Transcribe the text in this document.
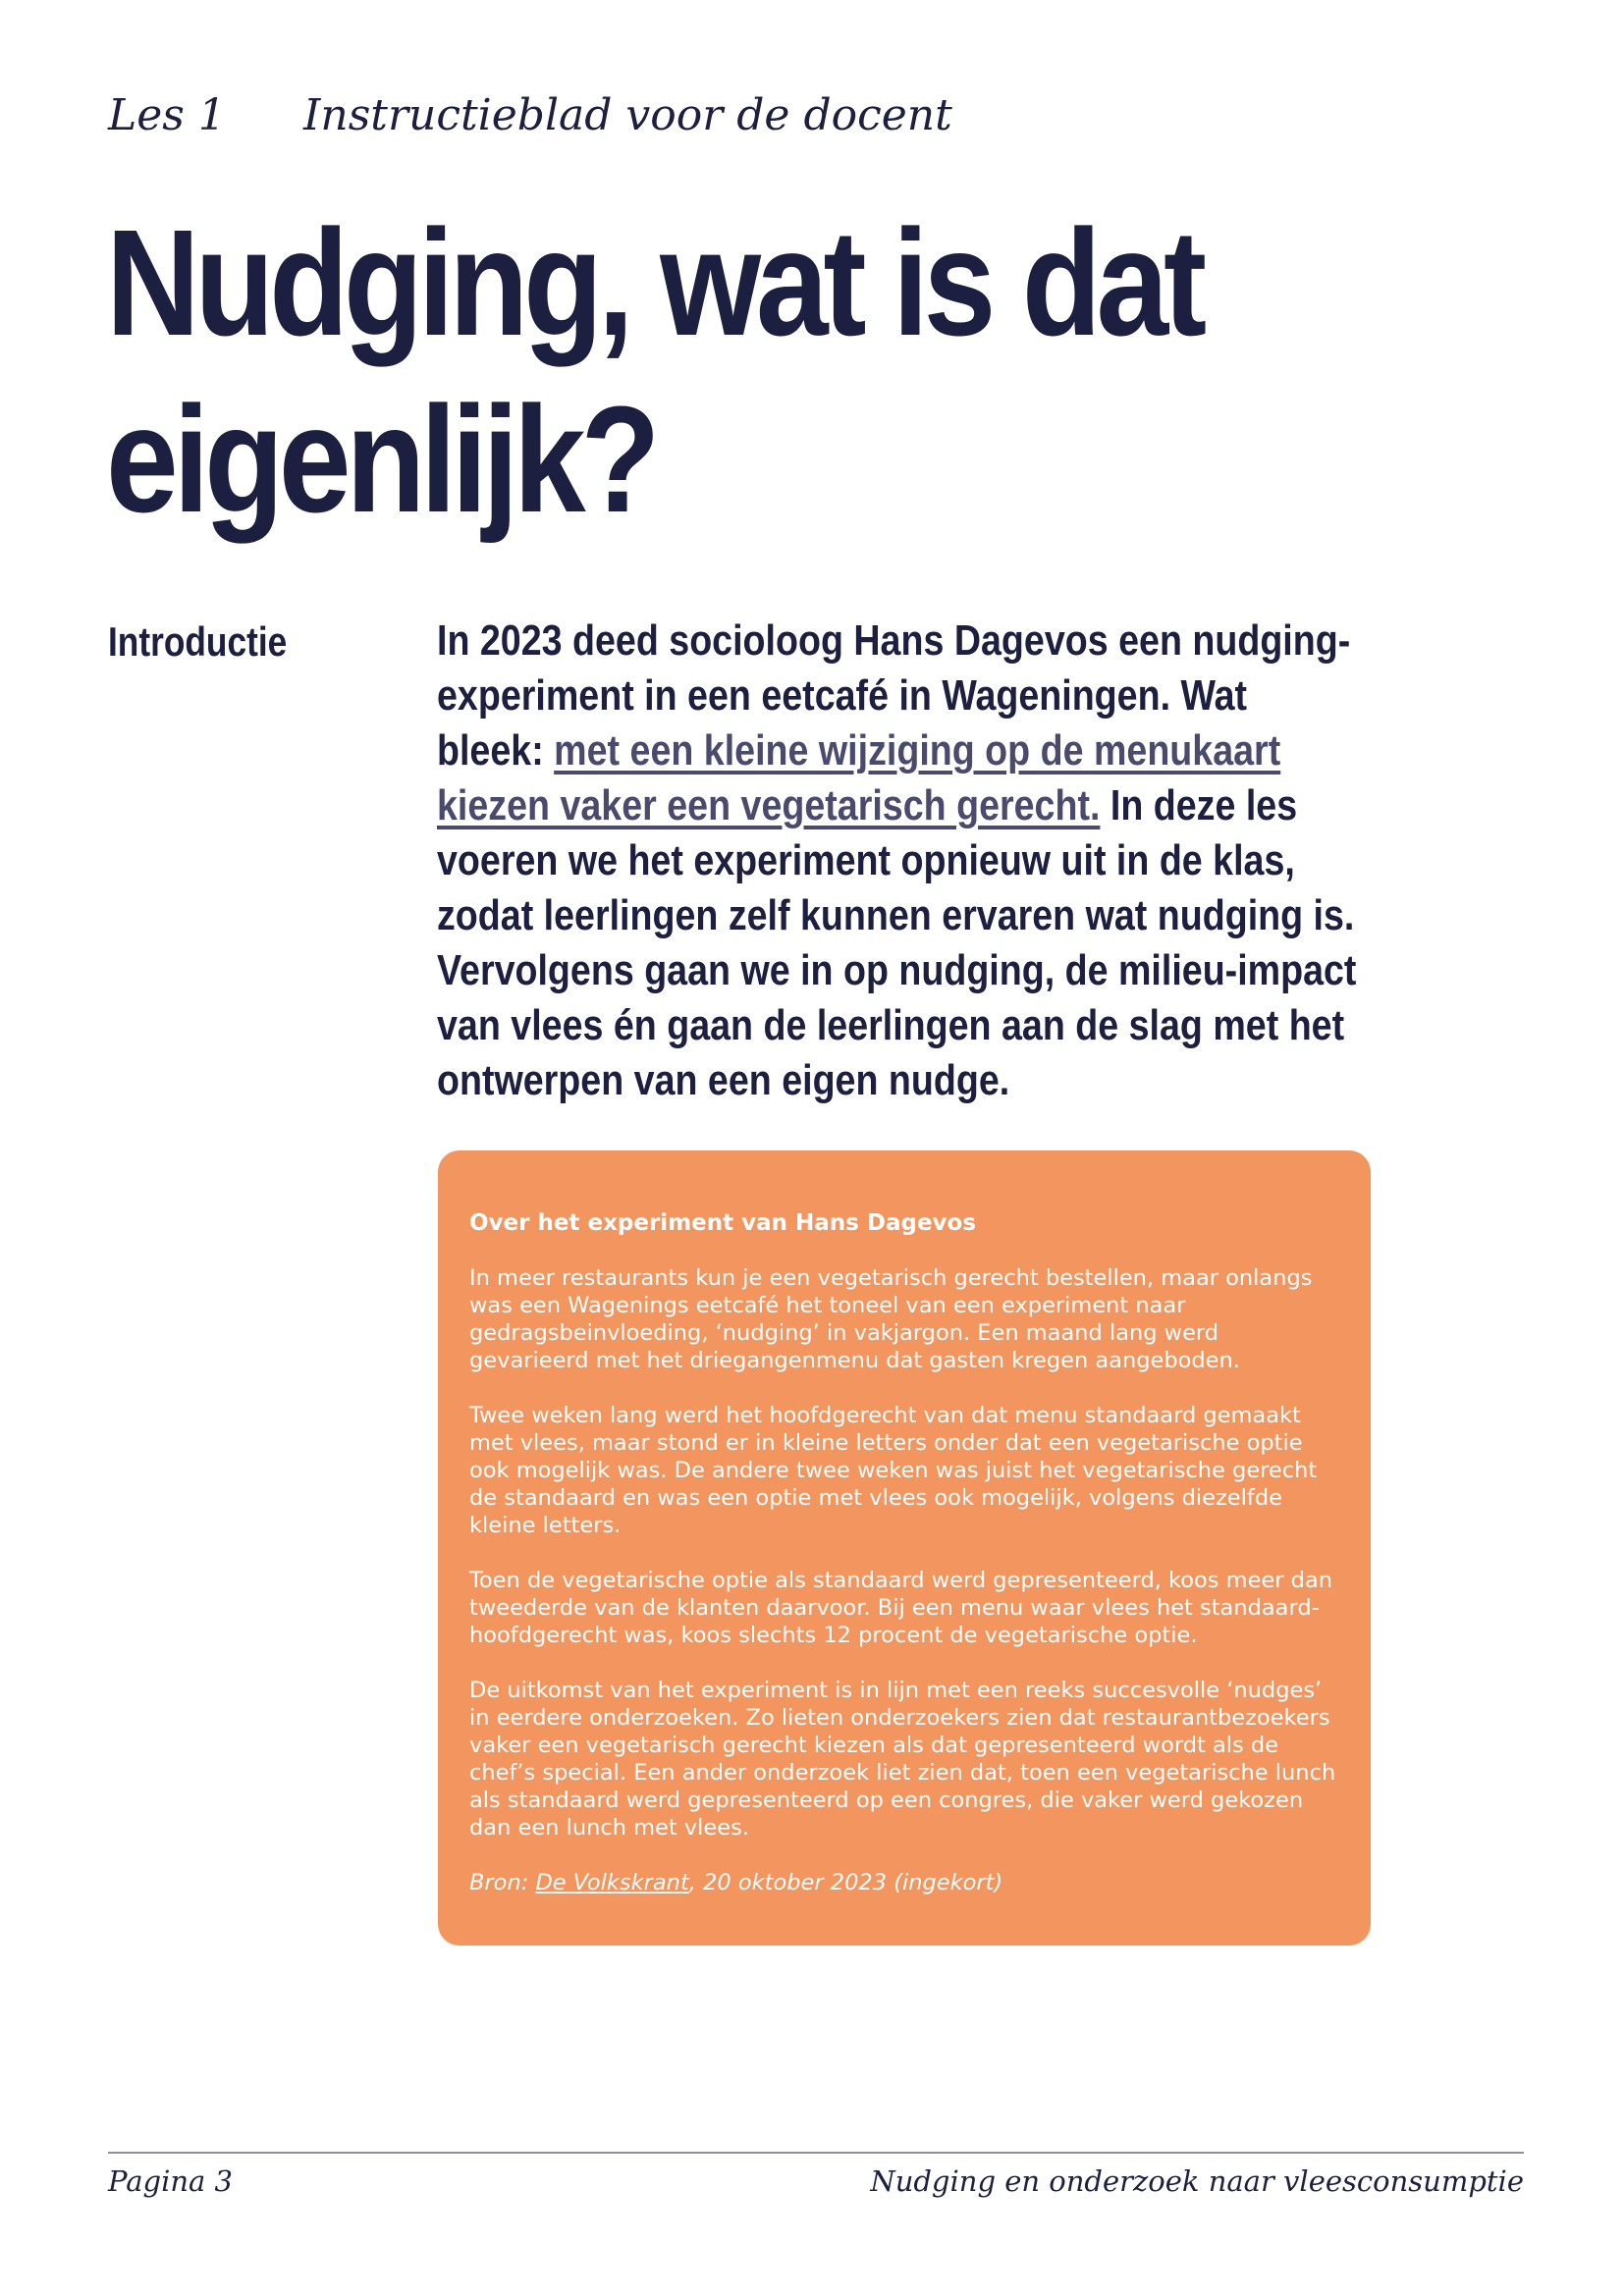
Les 1 Instructieblad voor de docent
Nudging, wat is dat eigenlijk?
Introductie	In 2023 deed socioloog Hans Dagevos een nudging-experiment in een eetcafé in Wageningen. Wat bleek: met een kleine wijziging op de menukaart kiezen vaker een vegetarisch gerecht. In deze les voeren we het experiment opnieuw uit in de klas, zodat leerlingen zelf kunnen ervaren wat nudging is. Vervolgens gaan we in op nudging, de milieu-impact van vlees én gaan de leerlingen aan de slag met het ontwerpen van een eigen nudge.

Over het experiment van Hans Dagevos

In meer restaurants kun je een vegetarisch gerecht bestellen, maar onlangs was een Wagenings eetcafé het toneel van een experiment naar gedragsbeinvloeding, ‘nudging’ in vakjargon. Een maand lang werd gevarieerd met het driegangenmenu dat gasten kregen aangeboden.

Twee weken lang werd het hoofdgerecht van dat menu standaard gemaakt met vlees, maar stond er in kleine letters onder dat een vegetarische optie ook mogelijk was. De andere twee weken was juist het vegetarische gerecht de standaard en was een optie met vlees ook mogelijk, volgens diezelfde kleine letters.

Toen de vegetarische optie als standaard werd gepresenteerd, koos meer dan tweederde van de klanten daarvoor. Bij een menu waar vlees het standaard-hoofdgerecht was, koos slechts 12 procent de vegetarische optie.

De uitkomst van het experiment is in lijn met een reeks succesvolle ‘nudges’ in eerdere onderzoeken. Zo lieten onderzoekers zien dat restaurantbezoekers vaker een vegetarisch gerecht kiezen als dat gepresenteerd wordt als de chef’s special. Een ander onderzoek liet zien dat, toen een vegetarische lunch als standaard werd gepresenteerd op een congres, die vaker werd gekozen dan een lunch met vlees.

Bron: De Volkskrant, 20 oktober 2023 (ingekort)

Pagina 3	Nudging en onderzoek naar vleesconsumptie
